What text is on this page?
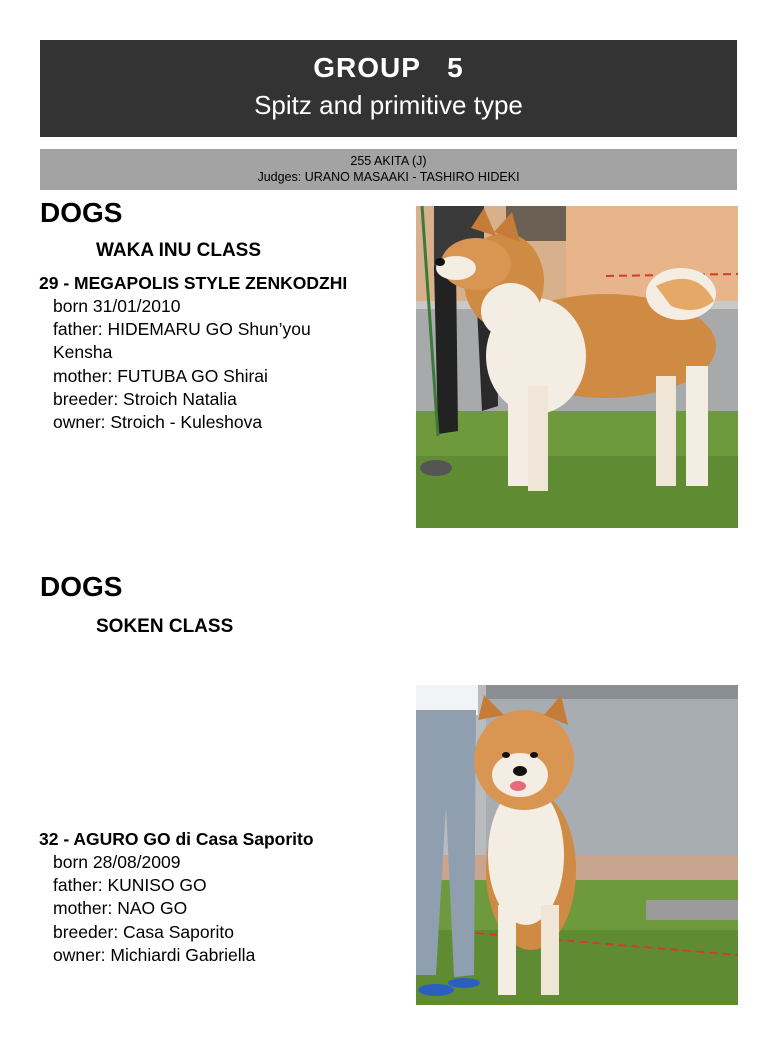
GROUP 5
Spitz and primitive type
255 AKITA (J)
Judges: URANO MASAAKI - TASHIRO HIDEKI
DOGS
WAKA INU CLASS
29 - MEGAPOLIS STYLE ZENKODZHI
born 31/01/2010
father: HIDEMARU GO Shun’you Kensha
mother: FUTUBA GO Shirai
breeder: Stroich Natalia
owner: Stroich - Kuleshova
DOGS
SOKEN CLASS
32 - AGURO GO di Casa Saporito
born 28/08/2009
father: KUNISO GO
mother: NAO GO
breeder: Casa Saporito
owner: Michiardi Gabriella
